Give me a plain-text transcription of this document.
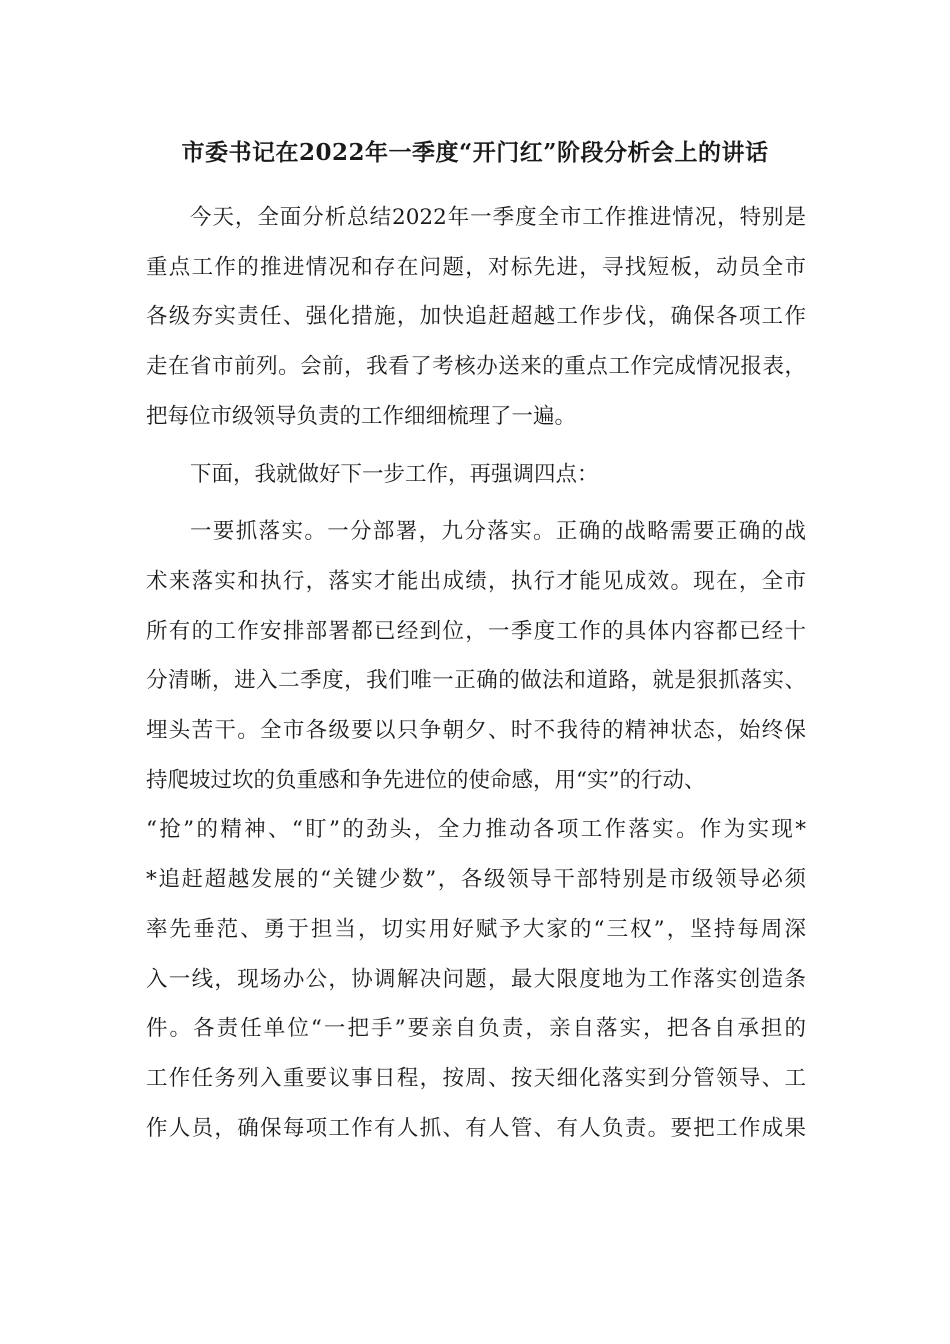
市委书记在2022年一季度“开门红”阶段分析会上的讲话

今天，全面分析总结2022年一季度全市工作推进情况，特别是
重点工作的推进情况和存在问题，对标先进，寻找短板，动员全市
各级夯实责任、强化措施，加快追赶超越工作步伐，确保各项工作
走在省市前列。会前，我看了考核办送来的重点工作完成情况报表，
把每位市级领导负责的工作细细梳理了一遍。

下面，我就做好下一步工作，再强调四点：

一要抓落实。一分部署，九分落实。正确的战略需要正确的战
术来落实和执行，落实才能出成绩，执行才能见成效。现在，全市
所有的工作安排部署都已经到位，一季度工作的具体内容都已经十
分清晰，进入二季度，我们唯一正确的做法和道路，就是狠抓落实、
埋头苦干。全市各级要以只争朝夕、时不我待的精神状态，始终保
持爬坡过坎的负重感和争先进位的使命感，用“实”的行动、
“抢”的精神、“盯”的劲头，全力推动各项工作落实。作为实现*
*追赶超越发展的“关键少数”，各级领导干部特别是市级领导必须
率先垂范、勇于担当，切实用好赋予大家的“三权”，坚持每周深
入一线，现场办公，协调解决问题，最大限度地为工作落实创造条
件。各责任单位“一把手”要亲自负责，亲自落实，把各自承担的
工作任务列入重要议事日程，按周、按天细化落实到分管领导、工
作人员，确保每项工作有人抓、有人管、有人负责。要把工作成果
